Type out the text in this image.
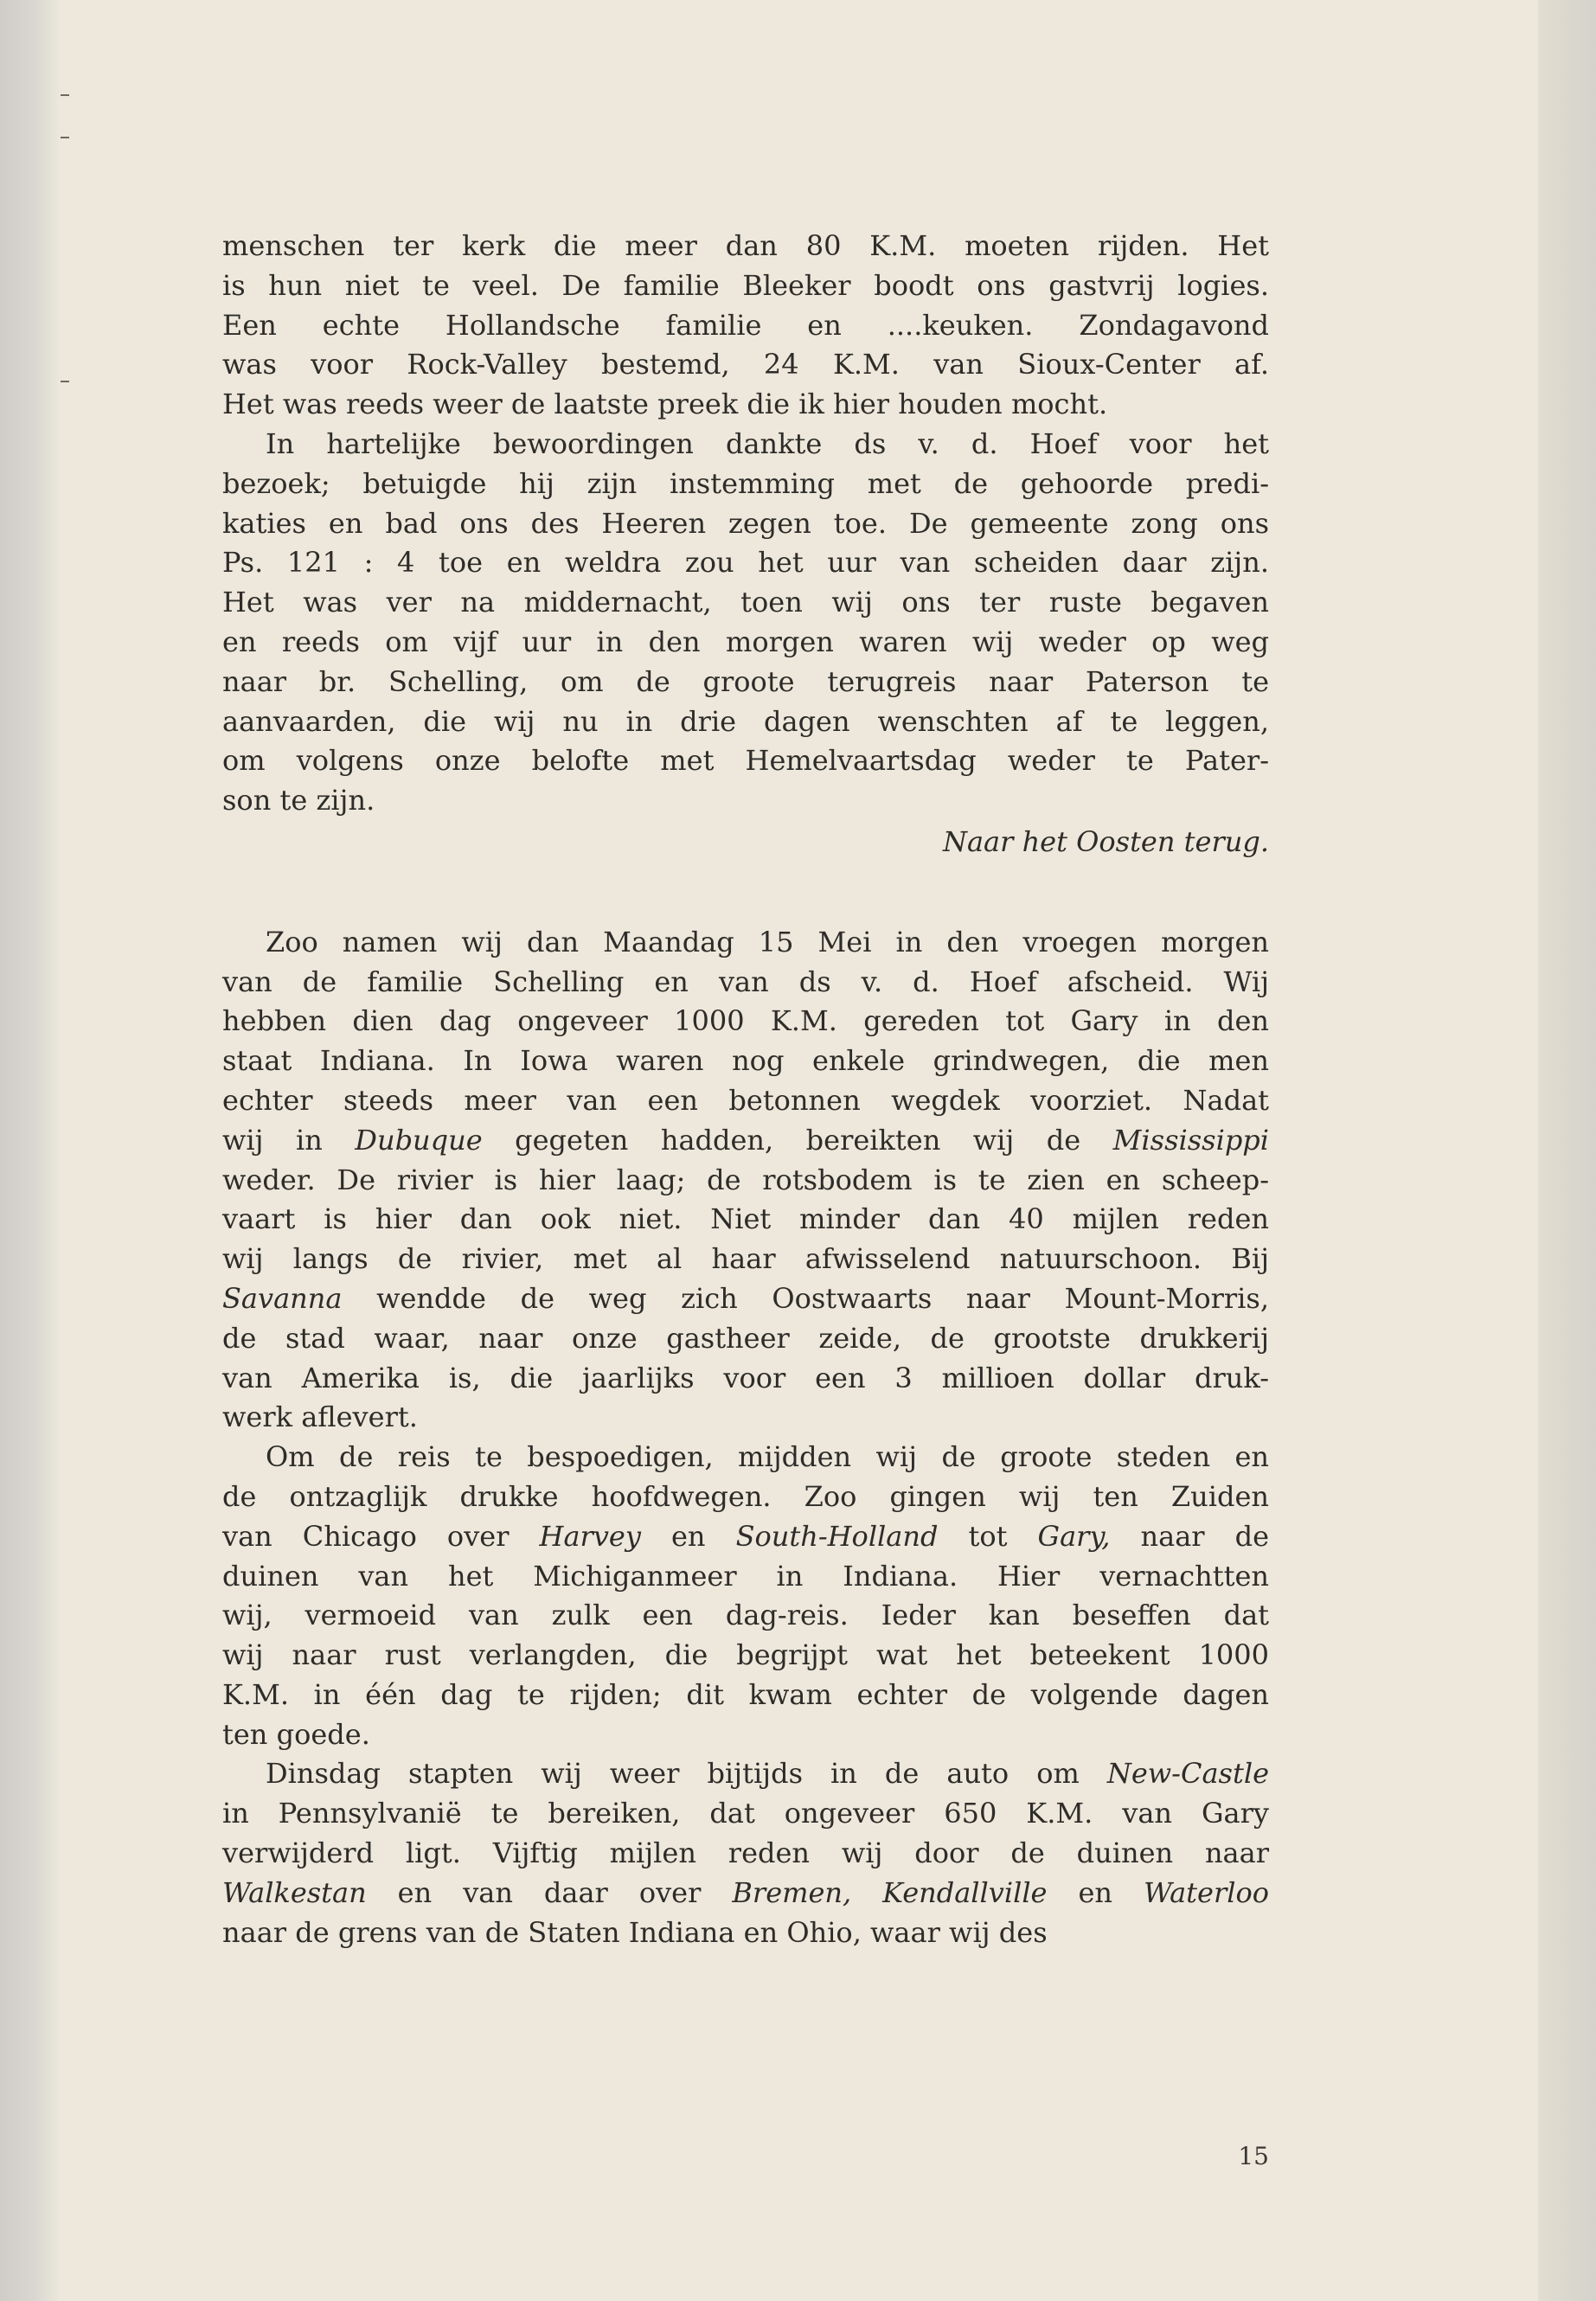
menschen ter kerk die meer dan 80 K.M. moeten rijden. Het

is hun niet te veel. De familie Bleeker boodt ons gastvrij logies.

Een echte Hollandsche familie en ....keuken. Zondagavond

was voor Rock-Valley bestemd, 24 K.M. van Sioux-Center af.

Het was reeds weer de laatste preek die ik hier houden mocht.

In hartelijke bewoordingen dankte ds v. d. Hoef voor het

bezoek; betuigde hij zijn instemming met de gehoorde predi-

katies en bad ons des Heeren zegen toe. De gemeente zong ons

Ps. 121 : 4 toe en weldra zou het uur van scheiden daar zijn.

Het was ver na middernacht, toen wij ons ter ruste begaven

en reeds om vijf uur in den morgen waren wij weder op weg

naar br. Schelling, om de groote terugreis naar Paterson te

aanvaarden, die wij nu in drie dagen wenschten af te leggen,

om volgens onze belofte met Hemelvaartsdag weder te Pater-

son te zijn.

Naar het Oosten terug.

Zoo namen wij dan Maandag 15 Mei in den vroegen morgen

van de familie Schelling en van ds v. d. Hoef afscheid. Wij

hebben dien dag ongeveer 1000 K.M. gereden tot Gary in den

staat Indiana. In Iowa waren nog enkele grindwegen, die men

echter steeds meer van een betonnen wegdek voorziet. Nadat

wij in Dubuque gegeten hadden, bereikten wij de Mississippi

weder. De rivier is hier laag; de rotsbodem is te zien en scheep-

vaart is hier dan ook niet. Niet minder dan 40 mijlen reden

wij langs de rivier, met al haar afwisselend natuurschoon. Bij

Savanna wendde de weg zich Oostwaarts naar Mount-Morris,

de stad waar, naar onze gastheer zeide, de grootste drukkerij

van Amerika is, die jaarlijks voor een 3 millioen dollar druk-

werk aflevert.

Om de reis te bespoedigen, mijdden wij de groote steden en

de ontzaglijk drukke hoofdwegen. Zoo gingen wij ten Zuiden

van Chicago over Harvey en South-Holland tot Gary, naar de

duinen van het Michiganmeer in Indiana. Hier vernachtten

wij, vermoeid van zulk een dag-reis. Ieder kan beseffen dat

wij naar rust verlangden, die begrijpt wat het beteekent 1000

K.M. in één dag te rijden; dit kwam echter de volgende dagen

ten goede.

Dinsdag stapten wij weer bijtijds in de auto om New-Castle

in Pennsylvanië te bereiken, dat ongeveer 650 K.M. van Gary

verwijderd ligt. Vijftig mijlen reden wij door de duinen naar

Walkestan en van daar over Bremen, Kendallville en Waterloo

naar de grens van de Staten Indiana en Ohio, waar wij des

15
